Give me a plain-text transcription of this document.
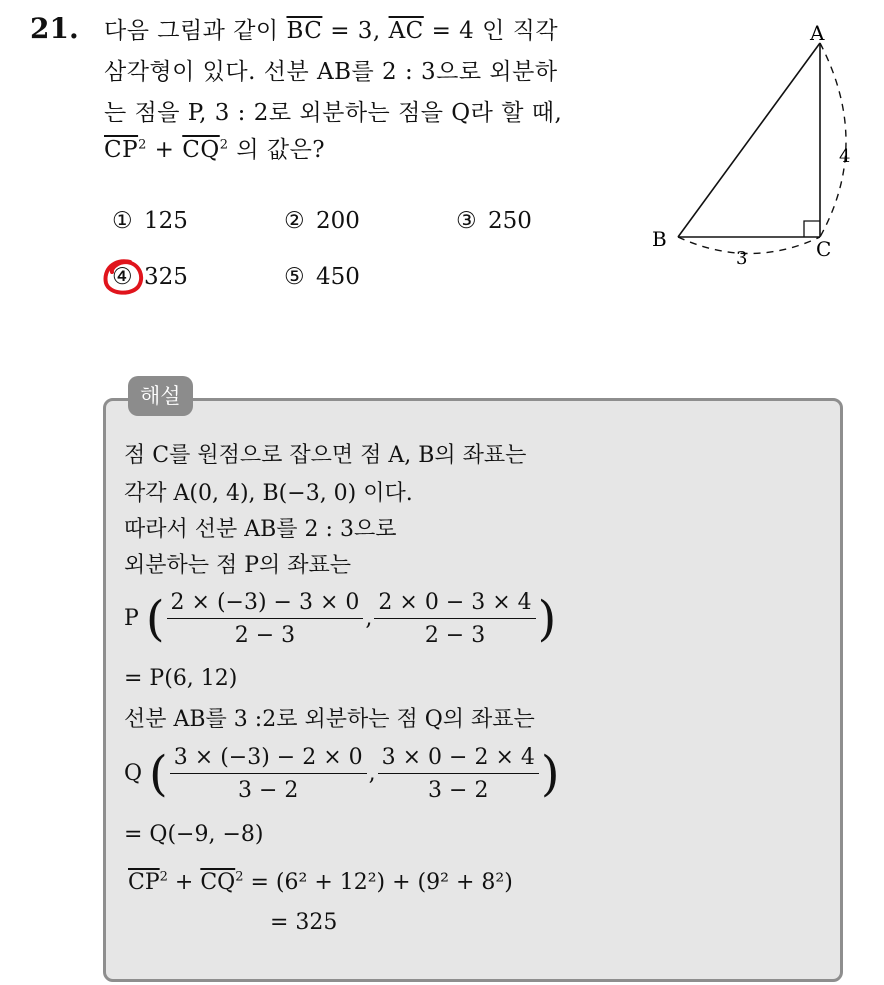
21. 다음 그림과 같이 $\overline{BC} = 3$, $\overline{AC} = 4$ 인 직각
삼각형이 있다. 선분 AB를 2 : 3으로 외분하
는 점을 P, 3 : 2로 외분하는 점을 Q라 할 때,
$\overline{CP}^2 + \overline{CQ}^2$ 의 값은?
① 125	② 200	③ 250
④ 325	⑤ 450
A
B	C
4
3
해설
점 C를 원점으로 잡으면 점 A, B의 좌표는
각각 A(0, 4), B(−3, 0) 이다.
따라서 선분 AB를 2 : 3으로
외분하는 점 P의 좌표는
P ( $\frac{2 \times (-3) - 3 \times 0}{2 - 3}$ , $\frac{2 \times 0 - 3 \times 4}{2 - 3}$ )
= P(6, 12)
선분 AB를 3 :2로 외분하는 점 Q의 좌표는
Q ( $\frac{3 \times (-3) - 2 \times 0}{3 - 2}$ , $\frac{3 \times 0 - 2 \times 4}{3 - 2}$ )
= Q(−9, −8)
$\overline{CP}^2 + \overline{CQ}^2 = (6^2 + 12^2) + (9^2 + 8^2)$
= 325
